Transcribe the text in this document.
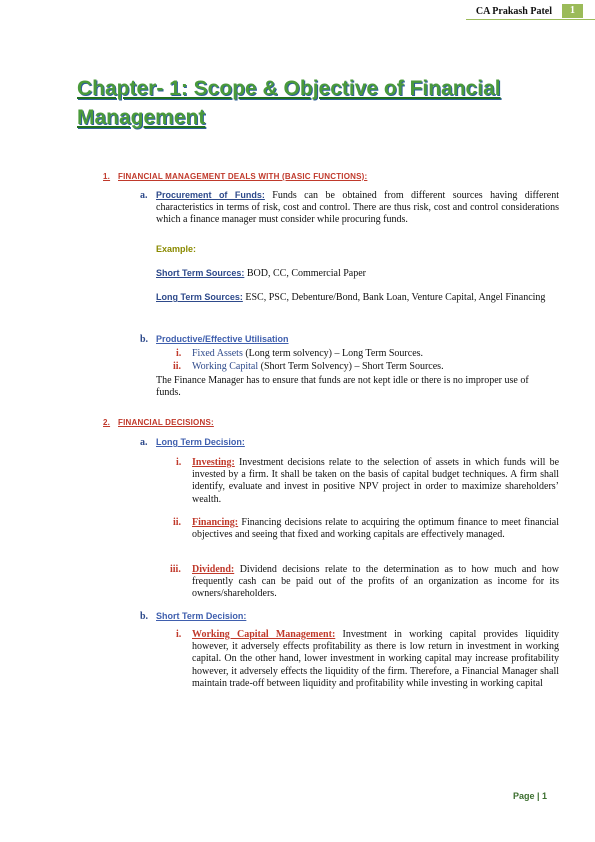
CA Prakash Patel	1
Chapter- 1: Scope & Objective of Financial Management
1. FINANCIAL MANAGEMENT DEALS WITH (BASIC FUNCTIONS):
a. Procurement of Funds: Funds can be obtained from different sources having different characteristics in terms of risk, cost and control. There are thus risk, cost and control considerations which a finance manager must consider while procuring funds.
Example:
Short Term Sources: BOD, CC, Commercial Paper
Long Term Sources: ESC, PSC, Debenture/Bond, Bank Loan, Venture Capital, Angel Financing
b. Productive/Effective Utilisation
i. Fixed Assets (Long term solvency) – Long Term Sources.
ii. Working Capital (Short Term Solvency) – Short Term Sources.
The Finance Manager has to ensure that funds are not kept idle or there is no improper use of funds.
2. FINANCIAL DECISIONS:
a. Long Term Decision:
i. Investing: Investment decisions relate to the selection of assets in which funds will be invested by a firm. It shall be taken on the basis of capital budget techniques. A firm shall identify, evaluate and invest in positive NPV project in order to maximize shareholders’ wealth.
ii. Financing: Financing decisions relate to acquiring the optimum finance to meet financial objectives and seeing that fixed and working capitals are effectively managed.
iii. Dividend: Dividend decisions relate to the determination as to how much and how frequently cash can be paid out of the profits of an organization as income for its owners/shareholders.
b. Short Term Decision:
i. Working Capital Management: Investment in working capital provides liquidity however, it adversely effects profitability as there is low return in investment in working capital. On the other hand, lower investment in working capital may increase profitability however, it adversely effects the liquidity of the firm. Therefore, a Financial Manager shall maintain trade-off between liquidity and profitability while investing in working capital
Page | 1
